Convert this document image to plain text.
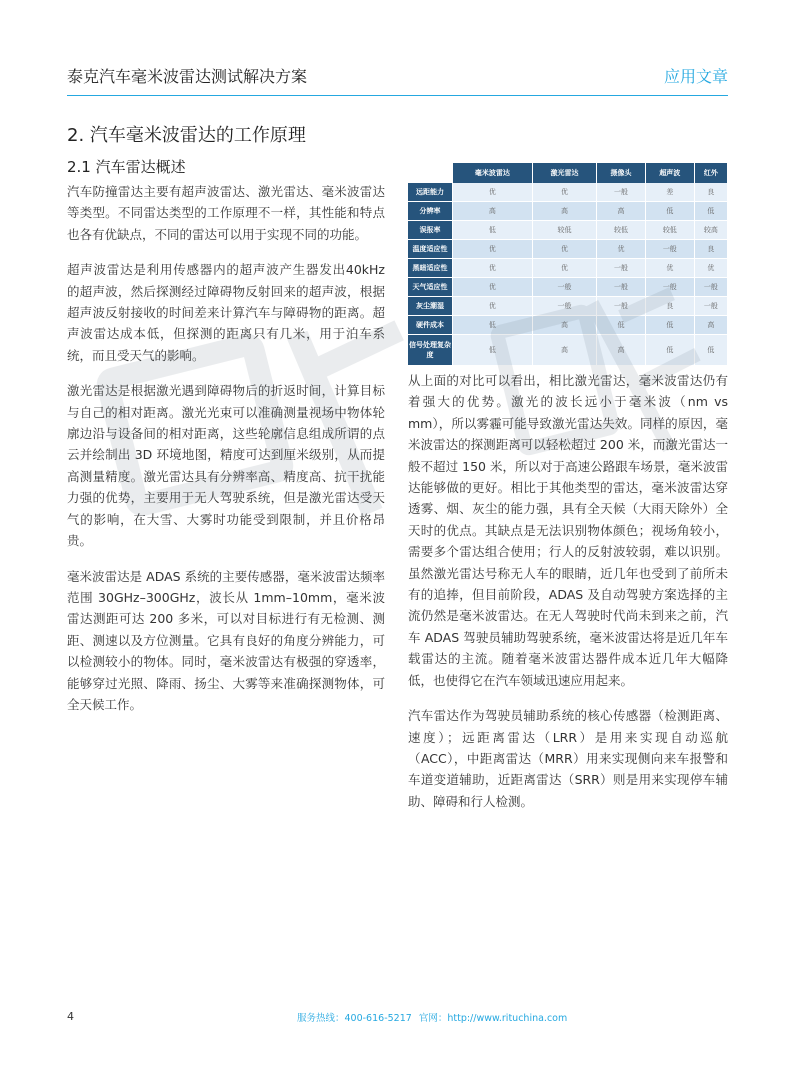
泰克汽车毫米波雷达测试解决方案	应用文章
2. 汽车毫米波雷达的工作原理
2.1 汽车雷达概述

汽车防撞雷达主要有超声波雷达、激光雷达、毫米波雷达等类型。不同雷达类型的工作原理不一样，其性能和特点也各有优缺点，不同的雷达可以用于实现不同的功能。

超声波雷达是利用传感器内的超声波产生器发出40kHz 的超声波，然后探测经过障碍物反射回来的超声波，根据超声波反射接收的时间差来计算汽车与障碍物的距离。超声波雷达成本低，但探测的距离只有几米，用于泊车系统，而且受天气的影响。

激光雷达是根据激光遇到障碍物后的折返时间，计算目标与自己的相对距离。激光光束可以准确测量视场中物体轮廓边沿与设备间的相对距离，这些轮廓信息组成所谓的点云并绘制出 3D 环境地图，精度可达到厘米级别，从而提高测量精度。激光雷达具有分辨率高、精度高、抗干扰能力强的优势，主要用于无人驾驶系统，但是激光雷达受天气的影响，在大雪、大雾时功能受到限制，并且价格昂贵。

毫米波雷达是 ADAS 系统的主要传感器，毫米波雷达频率范围 30GHz–300GHz，波长从 1mm–10mm，毫米波雷达测距可达 200 多米，可以对目标进行有无检测、测距、测速以及方位测量。它具有良好的角度分辨能力，可以检测较小的物体。同时，毫米波雷达有极强的穿透率，能够穿过光照、降雨、扬尘、大雾等来准确探测物体，可全天候工作。

	毫米波雷达	激光雷达	摄像头	超声波	红外
远距能力	优	优	一般	差	良
分辨率	高	高	高	低	低
误报率	低	较低	较低	较低	较高
温度适应性	优	优	优	一般	良
黑暗适应性	优	优	一般	优	优
天气适应性	优	一般	一般	一般	一般
灰尘潮湿	优	一般	一般	良	一般
硬件成本	低	高	低	低	高
信号处理复杂度	低	高	高	低	低

从上面的对比可以看出，相比激光雷达，毫米波雷达仍有着强大的优势。激光的波长远小于毫米波（nm vs mm），所以雾霾可能导致激光雷达失效。同样的原因，毫米波雷达的探测距离可以轻松超过 200 米，而激光雷达一般不超过 150 米，所以对于高速公路跟车场景，毫米波雷达能够做的更好。相比于其他类型的雷达，毫米波雷达穿透雾、烟、灰尘的能力强，具有全天候（大雨天除外）全天时的优点。其缺点是无法识别物体颜色；视场角较小，需要多个雷达组合使用；行人的反射波较弱，难以识别。虽然激光雷达号称无人车的眼睛，近几年也受到了前所未有的追捧，但目前阶段，ADAS 及自动驾驶方案选择的主流仍然是毫米波雷达。在无人驾驶时代尚未到来之前，汽车 ADAS 驾驶员辅助驾驶系统，毫米波雷达将是近几年车载雷达的主流。随着毫米波雷达器件成本近几年大幅降低，也使得它在汽车领域迅速应用起来。

汽车雷达作为驾驶员辅助系统的核心传感器（检测距离、速度）；远距离雷达（LRR）是用来实现自动巡航（ACC），中距离雷达（MRR）用来实现侧向来车报警和车道变道辅助，近距离雷达（SRR）则是用来实现停车辅助、障碍和行人检测。

4	服务热线：400-616-5217 官网：http://www.rituchina.com
